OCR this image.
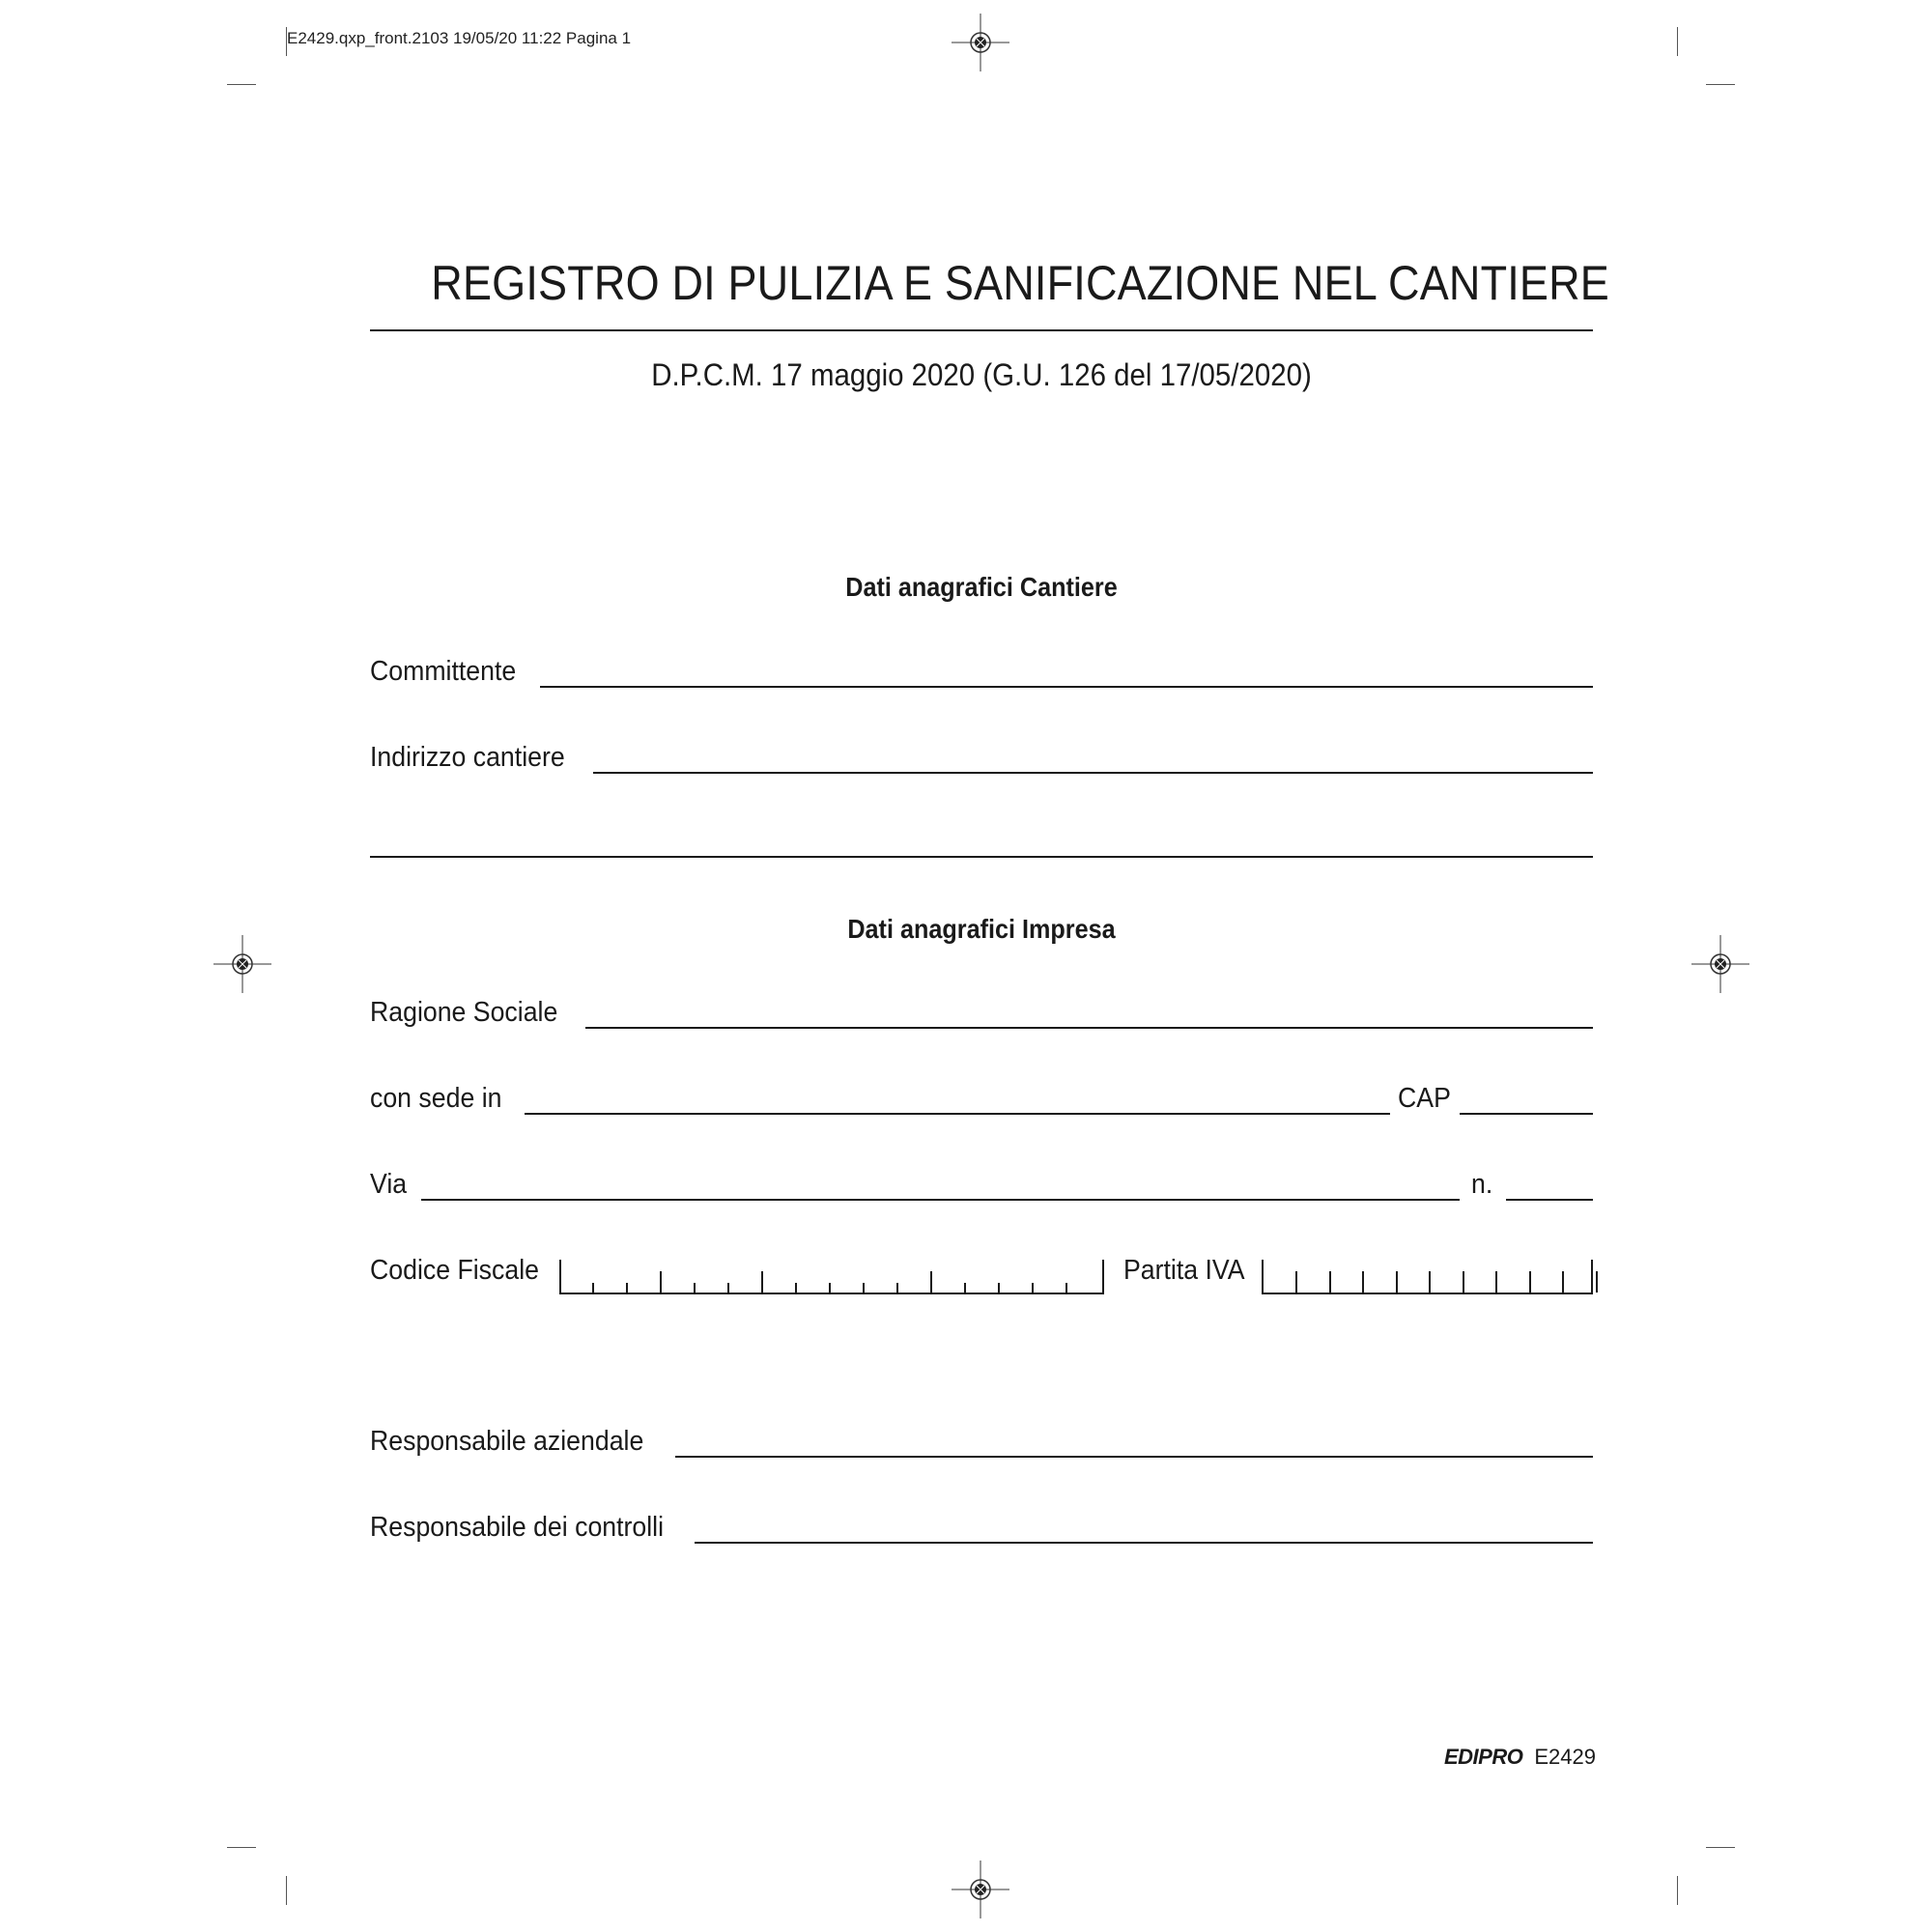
E2429.qxp_front.2103 19/05/20 11:22 Pagina 1
REGISTRO DI PULIZIA E SANIFICAZIONE NEL CANTIERE
D.P.C.M. 17 maggio 2020 (G.U. 126 del 17/05/2020)
Dati anagrafici Cantiere
Committente
Indirizzo cantiere
Dati anagrafici Impresa
Ragione Sociale
con sede in	CAP
Via	n.
Codice Fiscale	Partita IVA
Responsabile aziendale
Responsabile dei controlli
EDIPRO E2429
